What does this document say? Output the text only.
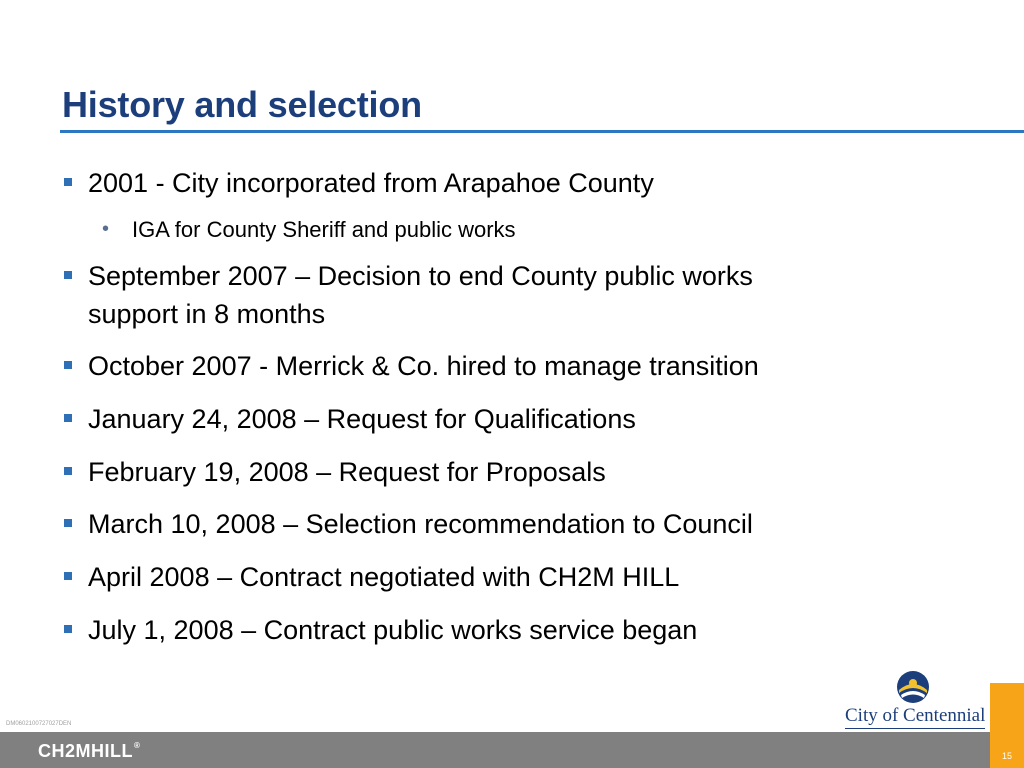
History and selection
2001 - City incorporated from Arapahoe County
• IGA for County Sheriff and public works
September 2007 – Decision to end County public works
support in 8 months
October 2007 - Merrick & Co. hired to manage transition
January 24, 2008 – Request for Qualifications
February 19, 2008 – Request for Proposals
March 10, 2008 – Selection recommendation to Council
April 2008 – Contract negotiated with CH2M HILL
July 1, 2008 – Contract public works service began
City of Centennial
DM0602100727027DEN
CH2MHILL®
15
